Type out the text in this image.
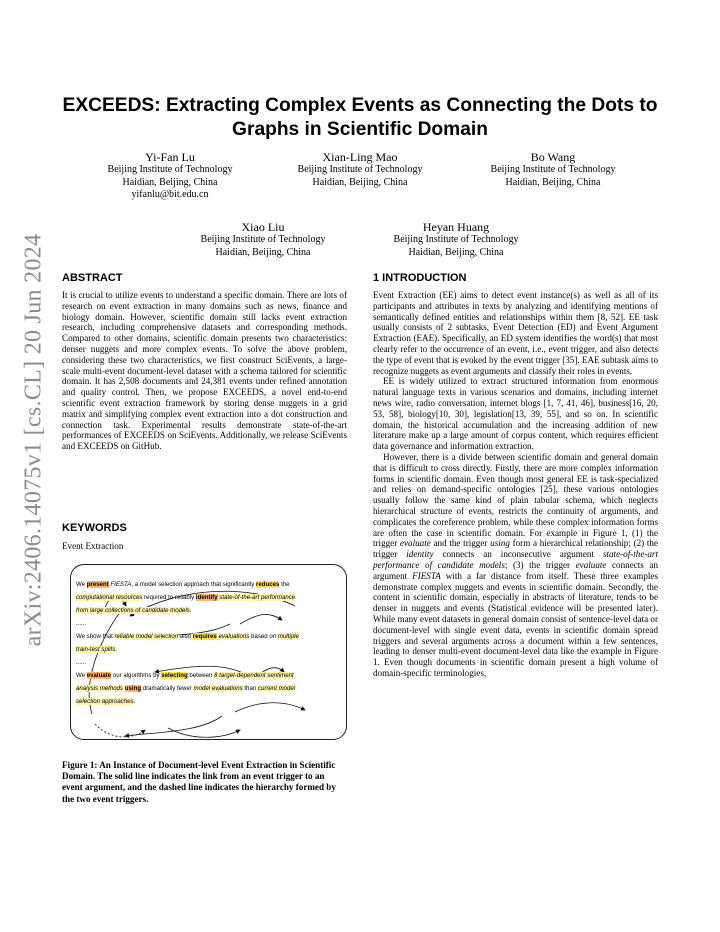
arXiv:2406.14075v1 [cs.CL] 20 Jun 2024
EXCEEDS: Extracting Complex Events as Connecting the Dots to Graphs in Scientific Domain
Yi-Fan Lu
Beijing Institute of Technology
Haidian, Beijing, China
yifanlu@bit.edu.cn
Xian-Ling Mao
Beijing Institute of Technology
Haidian, Beijing, China
Bo Wang
Beijing Institute of Technology
Haidian, Beijing, China
Xiao Liu
Beijing Institute of Technology
Haidian, Beijing, China
Heyan Huang
Beijing Institute of Technology
Haidian, Beijing, China
ABSTRACT

It is crucial to utilize events to understand a specific domain. There are lots of research on event extraction in many domains such as news, finance and biology domain. However, scientific domain still lacks event extraction research, including comprehensive datasets and corresponding methods. Compared to other domains, scientific domain presents two characteristics: denser nuggets and more complex events. To solve the above problem, considering these two characteristics, we first construct SciEvents, a large-scale multi-event document-level dataset with a schema tailored for scientific domain. It has 2,508 documents and 24,381 events under refined annotation and quality control. Then, we propose EXCEEDS, a novel end-to-end scientific event extraction framework by storing dense nuggets in a grid matrix and simplifying complex event extraction into a dot construction and connection task. Experimental results demonstrate state-of-the-art performances of EXCEEDS on SciEvents. Additionally, we release SciEvents and EXCEEDS on GitHub.

KEYWORDS

Event Extraction

We present FIESTA, a model selection approach that significantly reduces the
computational resources required to reliably identify state-of-the-art performance
from large collections of candidate models.
......
We show that reliable model selection also requires evaluations based on multiple
train-test splits.
......
We evaluate our algorithms by selecting between 8 target-dependent sentiment
analysis methods using dramatically fewer model evaluations than current model
selection approaches.
Figure 1: An Instance of Document-level Event Extraction in Scientific Domain. The solid line indicates the link from an event trigger to an event argument, and the dashed line indicates the hierarchy formed by the two event triggers.
1 INTRODUCTION

Event Extraction (EE) aims to detect event instance(s) as well as all of its participants and attributes in texts by analyzing and identifying mentions of semantically defined entities and relationships within them [8, 52]. EE task usually consists of 2 subtasks, Event Detection (ED) and Event Argument Extraction (EAE). Specifically, an ED system identifies the word(s) that most clearly refer to the occurrence of an event, i.e., event trigger, and also detects the type of event that is evoked by the event trigger [35]. EAE subtask aims to recognize nuggets as event arguments and classify their roles in events.

EE is widely utilized to extract structured information from enormous natural language texts in various scenarios and domains, including internet news wire, radio conversation, internet blogs [1, 7, 41, 46], business[16, 20, 53, 58], biology[10, 30], legislation[13, 39, 55], and so on. In scientific domain, the historical accumulation and the increasing addition of new literature make up a large amount of corpus content, which requires efficient data governance and information extraction.

However, there is a divide between scientific domain and general domain that is difficult to cross directly. Firstly, there are more complex information forms in scientific domain. Even though most general EE is task-specialized and relies on demand-specific ontologies [25], these various ontologies usually follow the same kind of plain tabular schema, which neglects hierarchical structure of events, restricts the continuity of arguments, and complicates the coreference problem, while these complex information forms are often the case in scientific domain. For example in Figure 1, (1) the trigger evaluate and the trigger using form a hierarchical relationship; (2) the trigger identity connects an inconsecutive argument state-of-the-art performance of candidate models; (3) the trigger evaluate connects an argument FIESTA with a far distance from itself. These three examples demonstrate complex nuggets and events in scientific domain. Secondly, the content in scientific domain, especially in abstracts of literature, tends to be denser in nuggets and events (Statistical evidence will be presented later). While many event datasets in general domain consist of sentence-level data or document-level with single event data, events in scientific domain spread triggers and several arguments across a document within a few sentences, leading to denser multi-event document-level data like the example in Figure 1. Even though documents in scientific domain present a high volume of domain-specific terminologies,
